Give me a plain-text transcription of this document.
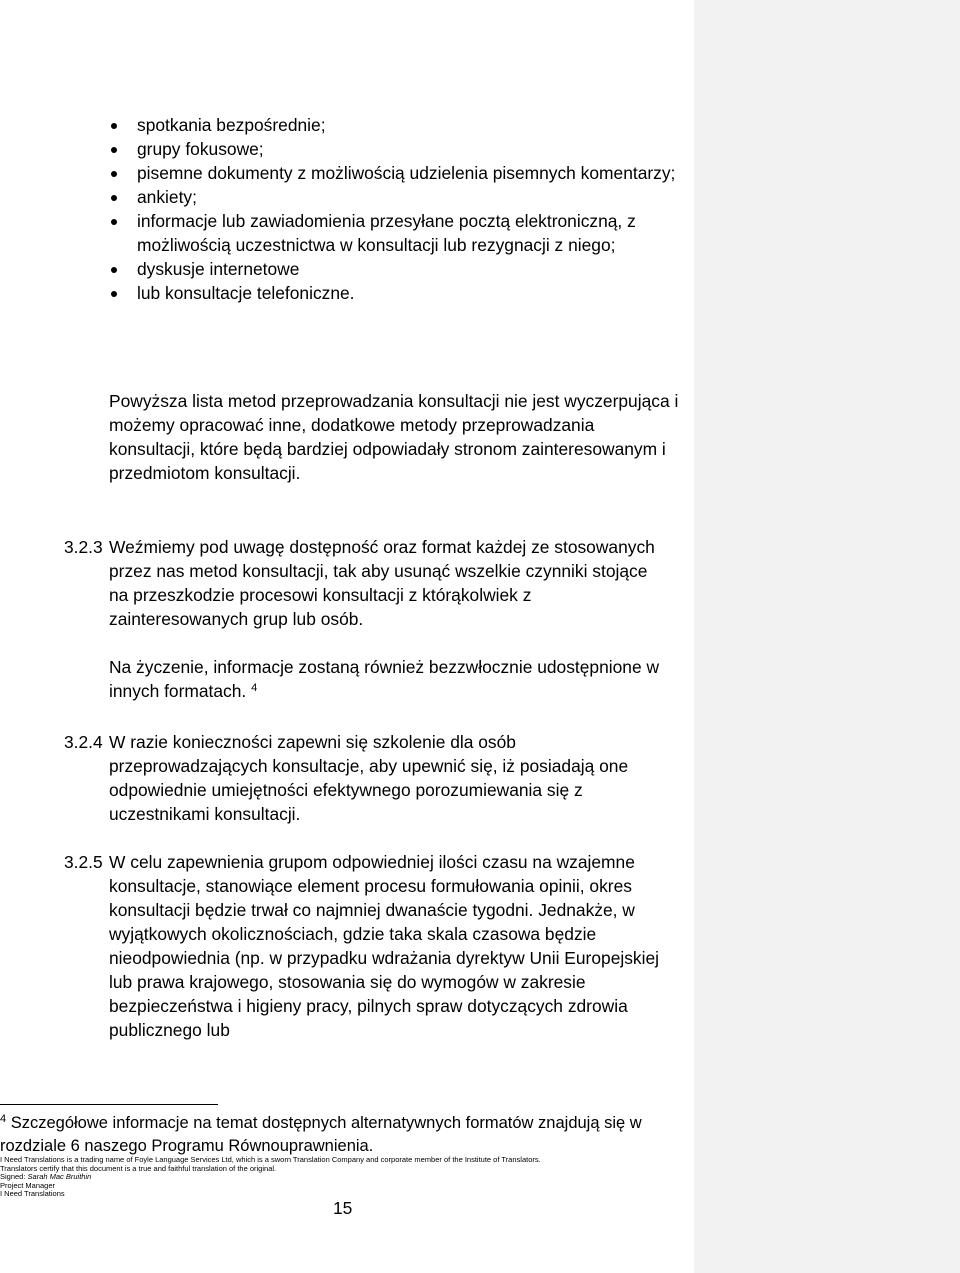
spotkania bezpośrednie;
grupy fokusowe;
pisemne dokumenty z możliwością udzielenia pisemnych komentarzy;
ankiety;
informacje lub zawiadomienia przesyłane pocztą elektroniczną, z możliwością uczestnictwa w konsultacji lub rezygnacji z niego;
dyskusje internetowe
lub konsultacje telefoniczne.

Powyższa lista metod przeprowadzania konsultacji nie jest wyczerpująca i możemy opracować inne, dodatkowe metody przeprowadzania konsultacji, które będą bardziej odpowiadały stronom zainteresowanym i przedmiotom konsultacji.

3.2.3 Weźmiemy pod uwagę dostępność oraz format każdej ze stosowanych przez nas metod konsultacji, tak aby usunąć wszelkie czynniki stojące na przeszkodzie procesowi konsultacji z którąkolwiek z zainteresowanych grup lub osób.
Na życzenie, informacje zostaną również bezzwłocznie udostępnione w innych formatach. $^4$
3.2.4 W razie konieczności zapewni się szkolenie dla osób przeprowadzających konsultacje, aby upewnić się, iż posiadają one odpowiednie umiejętności efektywnego porozumiewania się z uczestnikami konsultacji.
3.2.5 W celu zapewnienia grupom odpowiedniej ilości czasu na wzajemne konsultacje, stanowiące element procesu formułowania opinii, okres konsultacji będzie trwał co najmniej dwanaście tygodni. Jednakże, w wyjątkowych okolicznościach, gdzie taka skala czasowa będzie nieodpowiednia (np. w przypadku wdrażania dyrektyw Unii Europejskiej lub prawa krajowego, stosowania się do wymogów w zakresie bezpieczeństwa i higieny pracy, pilnych spraw dotyczących zdrowia publicznego lub
$^4$ Szczegółowe informacje na temat dostępnych alternatywnych formatów znajdują się w rozdziale 6 naszego Programu Równouprawnienia.
I Need Translations is a trading name of Foyle Language Services Ltd, which is a sworn Translation Company and corporate member of the Institute of Translators.
Translators certify that this document is a true and faithful translation of the original.
Signed: Sarah Mac Bruithin
Project Manager
I Need Translations
15
